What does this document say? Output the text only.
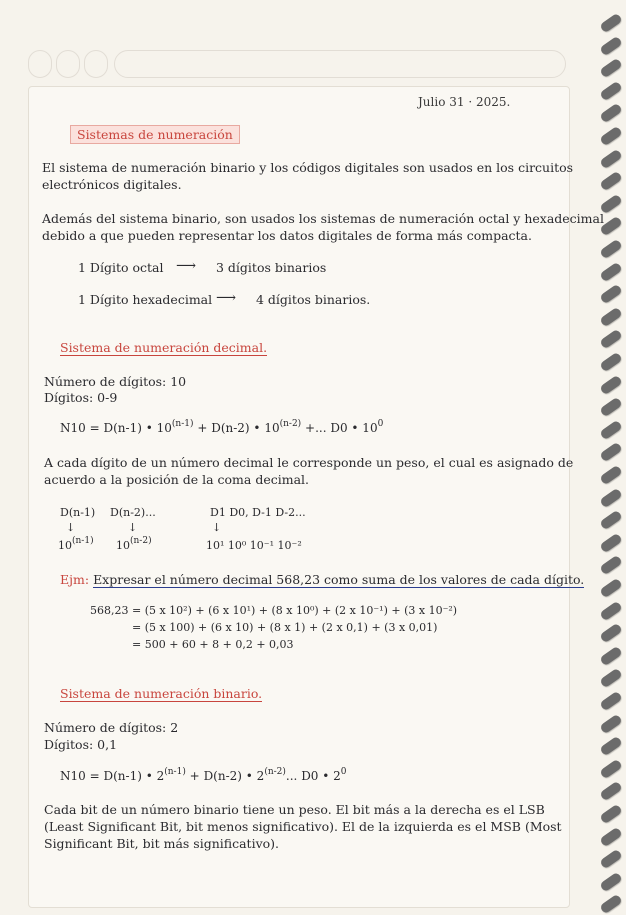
Julio 31 · 2025.
Sistemas de numeración
El sistema de numeración binario y los códigos digitales son usados en los circuitos
electrónicos digitales.
Además del sistema binario, son usados los sistemas de numeración octal y hexadecimal
debido a que pueden representar los datos digitales de forma más compacta.
1 Dígito octal ⟶ 3 dígitos binarios
1 Dígito hexadecimal ⟶ 4 dígitos binarios.
Sistema de numeración decimal.
Número de dígitos: 10
Dígitos: 0-9
N10 = D(n-1) • $10^{(n-1)} + D(n-2)$ • $10^{(n-2)}$ +... D0 • $10^0$
A cada dígito de un número decimal le corresponde un peso, el cual es asignado de
acuerdo a la posición de la coma decimal.
D(n-1) D(n-2)...	D1 D0, D-1 D-2...
↓	↓	↓
10$^{(n-1)}$ 10$^{(n-2)}$	10¹ 10⁰ 10⁻¹ 10⁻²
Ejm: Expresar el número decimal 568,23 como suma de los valores de cada dígito.
568,23 = (5 x 10²) + (6 x 10¹) + (8 x 10⁰) + (2 x 10⁻¹) + (3 x 10⁻²)
= (5 x 100) + (6 x 10) + (8 x 1) + (2 x 0,1) + (3 x 0,01)
= 500 + 60 + 8 + 0,2 + 0,03
Sistema de numeración binario.
Número de dígitos: 2
Dígitos: 0,1
N10 = D(n-1) • $2^{(n-1)} + D(n-2)$ • 2$^{(n-2)}$... D0 • $2^0$
Cada bit de un número binario tiene un peso. El bit más a la derecha es el LSB
(Least Significant Bit, bit menos significativo). El de la izquierda es el MSB (Most
Significant Bit, bit más significativo).
